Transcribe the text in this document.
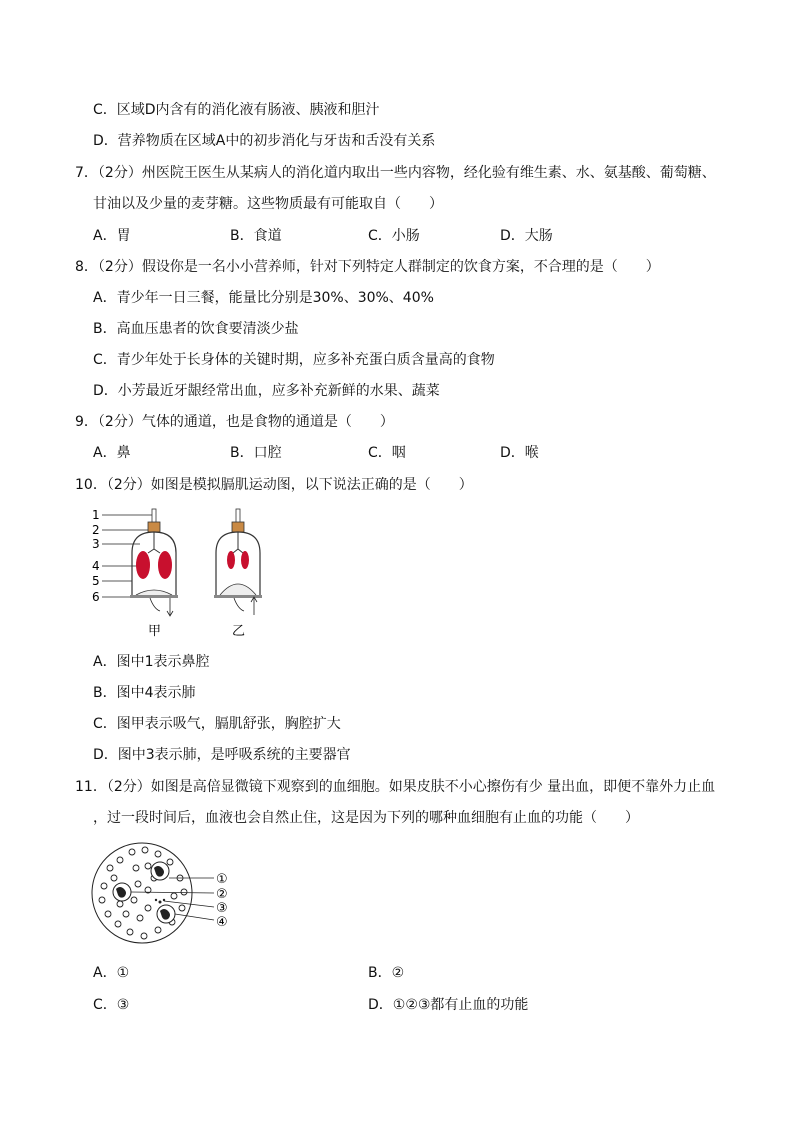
C．区域D内含有的消化液有肠液、胰液和胆汁
D．营养物质在区域A中的初步消化与牙齿和舌没有关系
7．（2分）州医院王医生从某病人的消化道内取出一些内容物，经化验有维生素、水、氨基酸、葡萄糖、
甘油以及少量的麦芽糖。这些物质最有可能取自（　　）
A．胃	B．食道	C．小肠	D．大肠
8．（2分）假设你是一名小小营养师，针对下列特定人群制定的饮食方案，不合理的是（　　）
A．青少年一日三餐，能量比分别是30%、30%、40%
B．高血压患者的饮食要清淡少盐
C．青少年处于长身体的关键时期，应多补充蛋白质含量高的食物
D．小芳最近牙龈经常出血，应多补充新鲜的水果、蔬菜
9．（2分）气体的通道，也是食物的通道是（　　）
A．鼻	B．口腔	C．咽	D．喉
10．（2分）如图是模拟膈肌运动图，以下说法正确的是（　　）
1
2
3
4
5
6
甲	乙
A．图中1表示鼻腔
B．图中4表示肺
C．图甲表示吸气，膈肌舒张，胸腔扩大
D．图中3表示肺，是呼吸系统的主要器官
11．（2分）如图是高倍显微镜下观察到的血细胞。如果皮肤不小心擦伤有少 量出血，即便不靠外力止血
，过一段时间后，血液也会自然止住，这是因为下列的哪种血细胞有止血的功能（　　）
①
②
③
④
A．①	B．②
C．③	D．①②③都有止血的功能
